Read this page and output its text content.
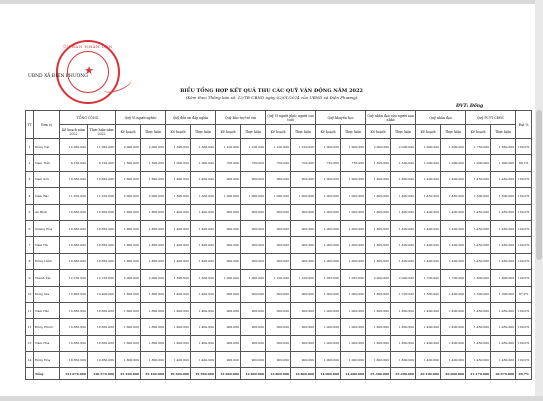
ỦY BAN NHÂN DÂN
★
UBND XÃ ĐIỆN PHƯƠNG
BIỂU TỔNG HỢP KẾT QUẢ THU CÁC QUỸ VẬN ĐỘNG NĂM 2022
(Kèm theo Thông báo số: 12/TB-UBND ngày 02/01/2024 của UBND xã Điện Phương)
ĐVT: Đồng
TT	Đơn vị	TỔNG CỘNG		Quỹ Vì người nghèo		Quỹ đền ơn đáp nghĩa		Quỹ Bảo trợ trẻ em		Quỹ Vì người phúc người cao tuổi		Quỹ khuyến học		Quỹ nhân đạo cứu người nạn nhân		Quỹ nhân đạo		Quỹ PCTT CĐĐC		Đạt %
		Kế hoạch năm 2022	Thực hiện năm 2022	Kế hoạch	Thực hiện	Kế hoạch	Thực hiện	Kế hoạch	Thực hiện	Kế hoạch	Thực hiện	Kế hoạch	Thực hiện	Kế hoạch	Thực hiện	Kế hoạch	Thực hiện	Kế hoạch	Thực hiện	
1	Đông Cát	12.050.000	11.950.000	2.000.000	2.000.000	1.500.000	1.500.000	1.100.000	1.100.000	1.100.000	1.100.000	1.000.000	1.000.000	2.000.000	2.000.000	1.600.000	1.600.000	1.750.000	1.650.000	100,0%
2	Nam Tiến	8.150.000	8.150.000	1.500.000	1.500.000	1.000.000	1.000.000	700.000	700.000	700.000	700.000	750.000	750.000	1.500.000	1.500.000	1.000.000	1.000.000	1.000.000	1.000.000	99,1%
3	Nam Sơn	10.650.000	10.650.000	1.800.000	1.800.000	1.400.000	1.400.000	900.000	900.000	900.000	900.000	1.000.000	1.000.000	1.800.000	1.800.000	1.400.000	1.400.000	1.450.000	1.450.000	100,0%
4	Nam Bắc	11.250.000	11.250.000	2.000.000	2.000.000	1.500.000	1.500.000	1.000.000	1.000.000	1.000.000	1.000.000	1.000.000	1.000.000	1.800.000	1.800.000	1.450.000	1.450.000	1.500.000	1.500.000	100,0%
5	An Bình	10.650.000	10.650.000	1.800.000	1.800.000	1.400.000	1.400.000	900.000	900.000	900.000	900.000	1.000.000	1.000.000	1.800.000	1.800.000	1.400.000	1.400.000	1.450.000	1.450.000	100,0%
6	Quang Hòa	10.650.000	10.650.000	1.800.000	1.800.000	1.400.000	1.400.000	900.000	900.000	900.000	900.000	1.000.000	1.000.000	1.800.000	1.800.000	1.400.000	1.400.000	1.450.000	1.450.000	100,0%
7	Nam Hà	10.650.000	10.650.000	1.800.000	1.800.000	1.400.000	1.400.000	900.000	900.000	900.000	900.000	1.000.000	1.000.000	1.800.000	1.800.000	1.400.000	1.400.000	1.450.000	1.450.000	100,0%
8	Đông Lãnh	10.650.000	10.650.000	1.800.000	1.800.000	1.400.000	1.400.000	900.000	900.000	900.000	900.000	1.000.000	1.000.000	1.800.000	1.800.000	1.400.000	1.400.000	1.450.000	1.450.000	100,0%
9	Thanh Tây	12.150.000	12.150.000	2.000.000	2.000.000	1.500.000	1.500.000	1.000.000	1.000.000	1.100.000	1.100.000	1.050.000	1.050.000	2.000.000	2.000.000	1.700.000	1.700.000	1.800.000	1.800.000	100,0%
10	Đông Gia	10.800.000	10.400.000	1.800.000	1.800.000	1.400.000	1.400.000	900.000	900.000	900.000	900.000	1.000.000	1.000.000	1.800.000	1.700.000	1.500.000	1.400.000	1.500.000	1.300.000	97,2%
11	Nam Hải	10.650.000	10.650.000	1.800.000	1.800.000	1.400.000	1.400.000	900.000	900.000	900.000	900.000	1.000.000	1.000.000	1.800.000	1.800.000	1.400.000	1.400.000	1.450.000	1.450.000	100,0%
12	Đông Phước	10.650.000	10.650.000	1.800.000	1.800.000	1.400.000	1.400.000	900.000	900.000	900.000	900.000	1.000.000	1.000.000	1.800.000	1.800.000	1.400.000	1.400.000	1.450.000	1.450.000	100,0%
13	Nam Hòa	10.650.000	10.650.000	1.800.000	1.800.000	1.400.000	1.400.000	900.000	900.000	900.000	900.000	1.000.000	1.000.000	1.800.000	1.800.000	1.400.000	1.400.000	1.450.000	1.450.000	100,0%
14	Đông Hòa	10.650.000	10.650.000	1.800.000	1.800.000	1.400.000	1.400.000	900.000	900.000	900.000	900.000	1.000.000	1.000.000	1.800.000	1.800.000	1.400.000	1.400.000	1.450.000	1.450.000	100,0%
	Tổng	151.070.000	150.570.000	25.100.000	25.100.000	19.500.000	19.500.000	12.600.000	12.600.000	12.800.000	12.800.000	14.000.000	14.000.000	25.300.000	25.200.000	20.100.000	20.000.000	21.170.000	20.970.000	99,7%
